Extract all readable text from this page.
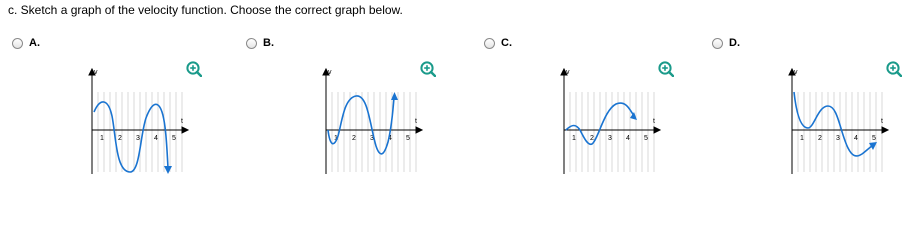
c. Sketch a graph of the velocity function. Choose the correct graph below.
A.
v
t
1 2 3 4 5
B.
v
t
1 2 3 4 5
C.
v
t
1 2 3 4 5
D.
v
t
1 2 3 4 5
